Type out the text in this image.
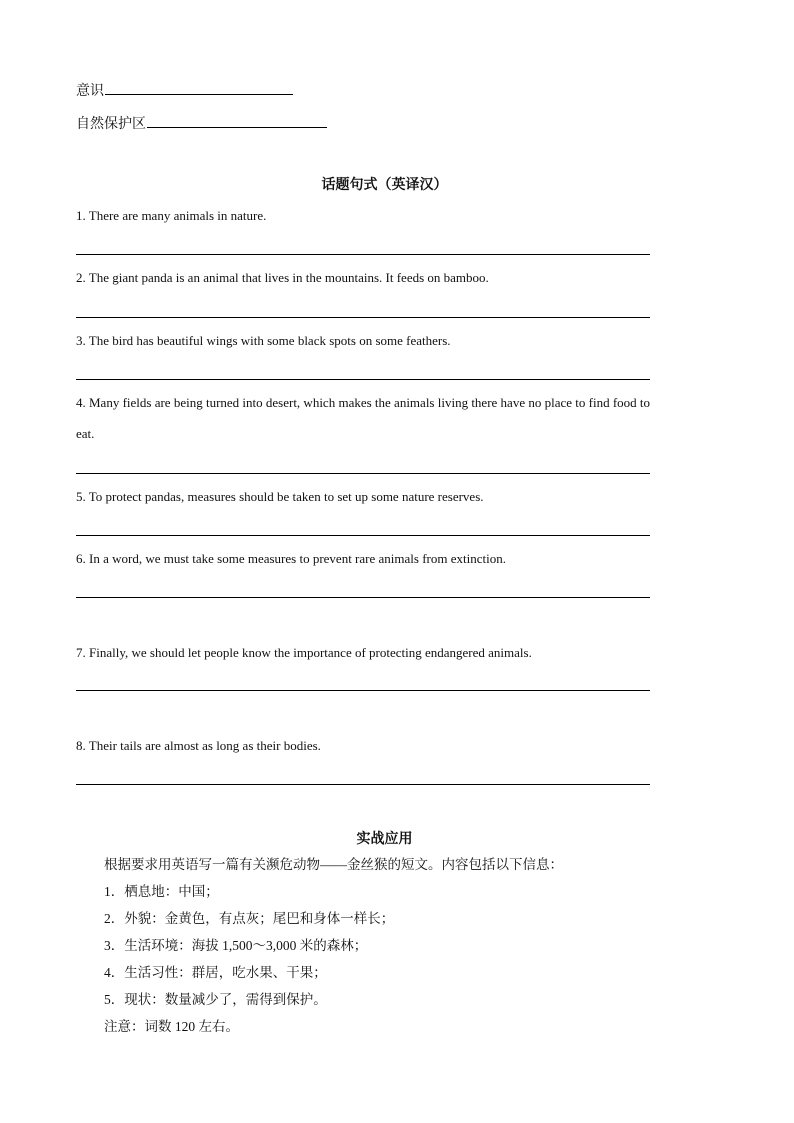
意识
自然保护区
话题句式（英译汉）
1. There are many animals in nature.
2. The giant panda is an animal that lives in the mountains. It feeds on bamboo.
3. The bird has beautiful wings with some black spots on some feathers.
4. Many fields are being turned into desert, which makes the animals living there have no place to find food to
eat.
5. To protect pandas, measures should be taken to set up some nature reserves.
6. In a word, we must take some measures to prevent rare animals from extinction.
7. Finally, we should let people know the importance of protecting endangered animals.
8. Their tails are almost as long as their bodies.
实战应用
根据要求用英语写一篇有关濒危动物——金丝猴的短文。内容包括以下信息：
1．栖息地：中国；
2．外貌：金黄色，有点灰；尾巴和身体一样长；
3．生活环境：海拔 1,500～3,000 米的森林；
4．生活习性：群居，吃水果、干果；
5．现状：数量减少了，需得到保护。
注意：词数 120 左右。
